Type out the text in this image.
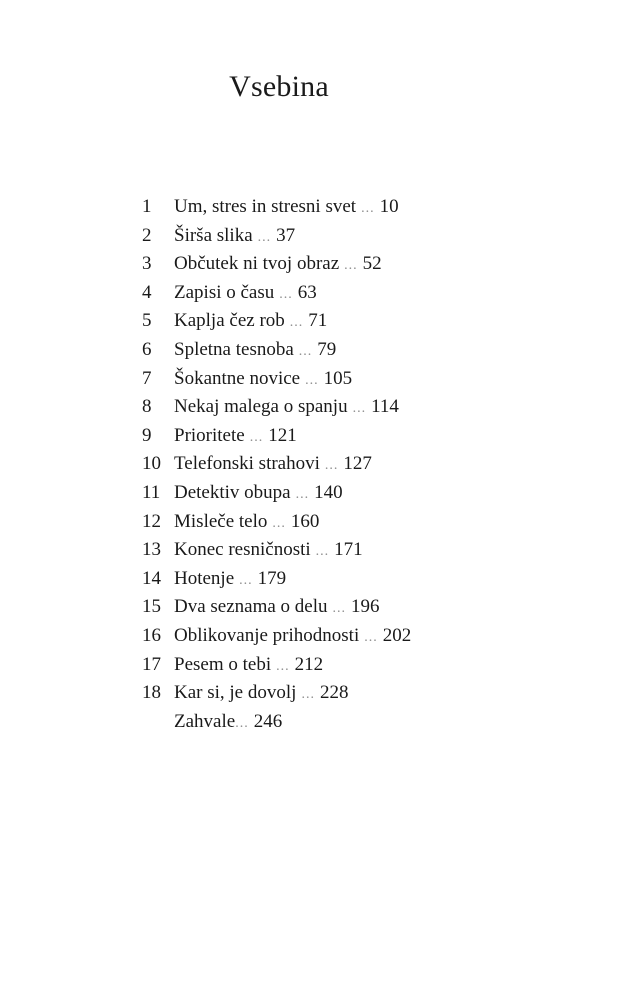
Vsebina
1	Um, stres in stresni svet ... 10
2	Širša slika ... 37
3	Občutek ni tvoj obraz ... 52
4	Zapisi o času ... 63
5	Kaplja čez rob ... 71
6	Spletna tesnoba ... 79
7	Šokantne novice ... 105
8	Nekaj malega o spanju ... 114
9	Prioritete ... 121
10 Telefonski strahovi ... 127
11 Detektiv obupa ... 140
12 Misleče telo ... 160
13 Konec resničnosti ... 171
14 Hotenje ... 179
15 Dva seznama o delu ... 196
16 Oblikovanje prihodnosti ... 202
17 Pesem o tebi ... 212
18 Kar si, je dovolj ... 228
Zahvale ... 246
